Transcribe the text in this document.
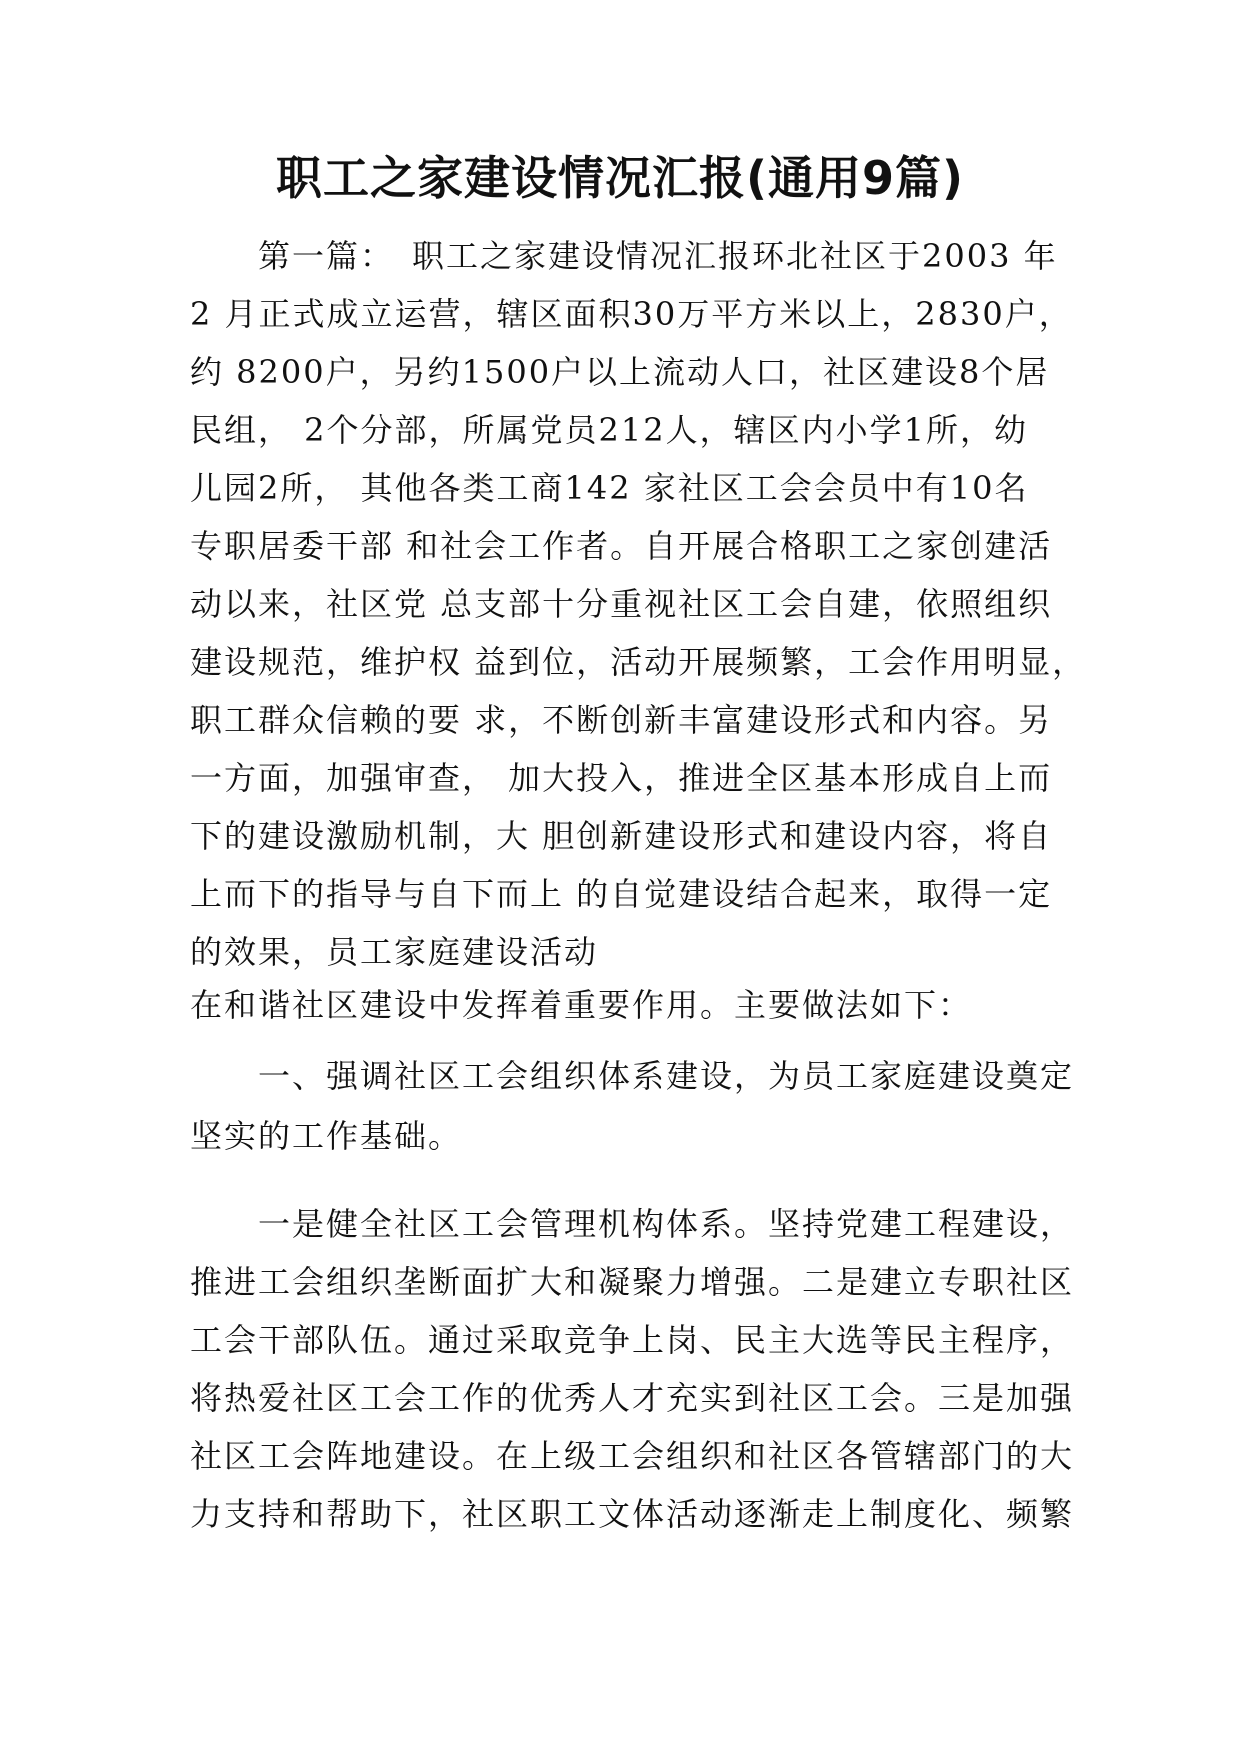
职工之家建设情况汇报(通用9篇)
第一篇：　职工之家建设情况汇报环北社区于2003 年
2 月正式成立运营，辖区面积30万平方米以上，2830户，
约 8200户，另约1500户以上流动人口，社区建设8个居
民组， 2个分部，所属党员212人，辖区内小学1所，幼
儿园2所， 其他各类工商142 家社区工会会员中有10名
专职居委干部 和社会工作者。自开展合格职工之家创建活
动以来，社区党 总支部十分重视社区工会自建，依照组织
建设规范，维护权 益到位，活动开展频繁，工会作用明显，
职工群众信赖的要 求，不断创新丰富建设形式和内容。另
一方面，加强审查， 加大投入，推进全区基本形成自上而
下的建设激励机制，大 胆创新建设形式和建设内容，将自
上而下的指导与自下而上 的自觉建设结合起来，取得一定
的效果，员工家庭建设活动
在和谐社区建设中发挥着重要作用。主要做法如下：
一、强调社区工会组织体系建设，为员工家庭建设奠定
坚实的工作基础。
一是健全社区工会管理机构体系。坚持党建工程建设，
推进工会组织垄断面扩大和凝聚力增强。二是建立专职社区
工会干部队伍。通过采取竞争上岗、民主大选等民主程序，
将热爱社区工会工作的优秀人才充实到社区工会。三是加强
社区工会阵地建设。在上级工会组织和社区各管辖部门的大
力支持和帮助下，社区职工文体活动逐渐走上制度化、频繁
